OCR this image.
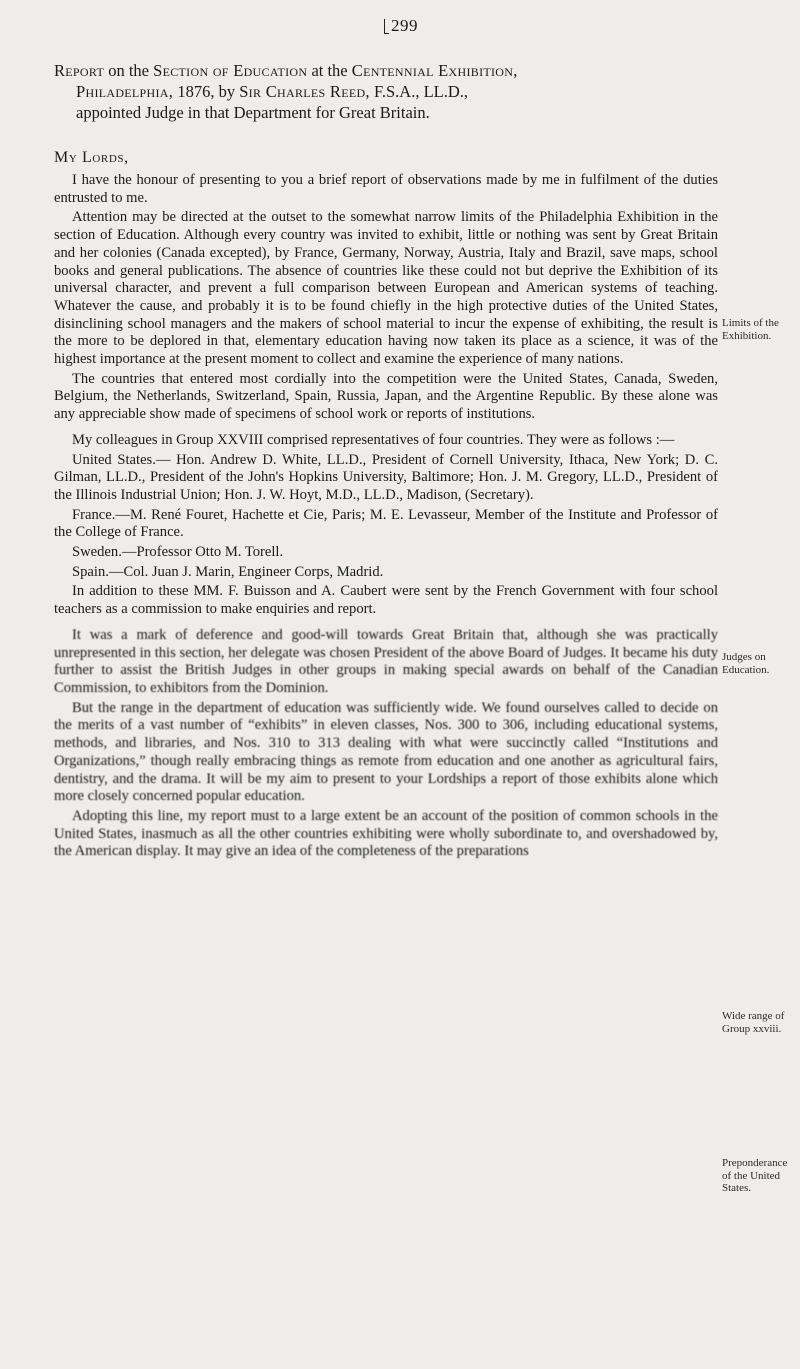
299
Report on the Section of Education at the Centennial Exhibition,
Philadelphia, 1876, by Sir Charles Reed, F.S.A., LL.D.,
appointed Judge in that Department for Great Britain.
My Lords,

I have the honour of presenting to you a brief report of observations made by me in fulfilment of the duties entrusted to me.

Attention may be directed at the outset to the somewhat narrow limits of the Philadelphia Exhibition in the section of Education. Although every country was invited to exhibit, little or nothing was sent by Great Britain and her colonies (Canada excepted), by France, Germany, Norway, Austria, Italy and Brazil, save maps, school books and general publications. The absence of countries like these could not but deprive the Exhibition of its universal character, and prevent a full comparison between European and American systems of teaching. Whatever the cause, and probably it is to be found chiefly in the high protective duties of the United States, disinclining school managers and the makers of school material to incur the expense of exhibiting, the result is the more to be deplored in that, elementary education having now taken its place as a science, it was of the highest importance at the present moment to collect and examine the experience of many nations.

The countries that entered most cordially into the competition were the United States, Canada, Sweden, Belgium, the Netherlands, Switzerland, Spain, Russia, Japan, and the Argentine Republic. By these alone was any appreciable show made of specimens of school work or reports of institutions.

My colleagues in Group XXVIII comprised representatives of four countries. They were as follows :—

United States.— Hon. Andrew D. White, LL.D., President of Cornell University, Ithaca, New York; D. C. Gilman, LL.D., President of the John's Hopkins University, Baltimore; Hon. J. M. Gregory, LL.D., President of the Illinois Industrial Union; Hon. J. W. Hoyt, M.D., LL.D., Madison, (Secretary).

France.—M. René Fouret, Hachette et Cie, Paris; M. E. Levasseur, Member of the Institute and Professor of the College of France.

Sweden.—Professor Otto M. Torell.

Spain.—Col. Juan J. Marin, Engineer Corps, Madrid.

In addition to these MM. F. Buisson and A. Caubert were sent by the French Government with four school teachers as a commission to make enquiries and report.

It was a mark of deference and good-will towards Great Britain that, although she was practically unrepresented in this section, her delegate was chosen President of the above Board of Judges. It became his duty further to assist the British Judges in other groups in making special awards on behalf of the Canadian Commission, to exhibitors from the Dominion.

But the range in the department of education was sufficiently wide. We found ourselves called to decide on the merits of a vast number of “exhibits” in eleven classes, Nos. 300 to 306, including educational systems, methods, and libraries, and Nos. 310 to 313 dealing with what were succinctly called “Institutions and Organizations,” though really embracing things as remote from education and one another as agricultural fairs, dentistry, and the drama. It will be my aim to present to your Lordships a report of those exhibits alone which more closely concerned popular education.

Adopting this line, my report must to a large extent be an account of the position of common schools in the United States, inasmuch as all the other countries exhibiting were wholly subordinate to, and overshadowed by, the American display. It may give an idea of the completeness of the preparations

Limits of the Exhibition.
Judges on Education.
Wide range of Group xxviii.
Preponderance of the United States.
